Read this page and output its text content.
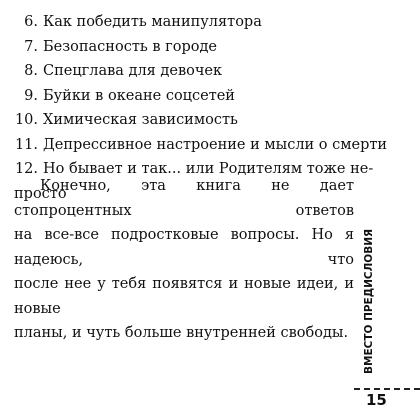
6. Как победить манипулятора
7. Безопасность в городе
8. Спецглава для девочек
9. Буйки в океане соцсетей
10. Химическая зависимость
11. Депрессивное настроение и мысли о смерти
12. Но бывает и так... или Родителям тоже не-
просто
Конечно, эта книга не дает стопроцентных ответов
на все-все подростковые вопросы. Но я надеюсь, что
после нее у тебя появятся и новые идеи, и новые
планы, и чуть больше внутренней свободы.	ВМЕСТО ПРЕДИСЛОВИЯ
15
